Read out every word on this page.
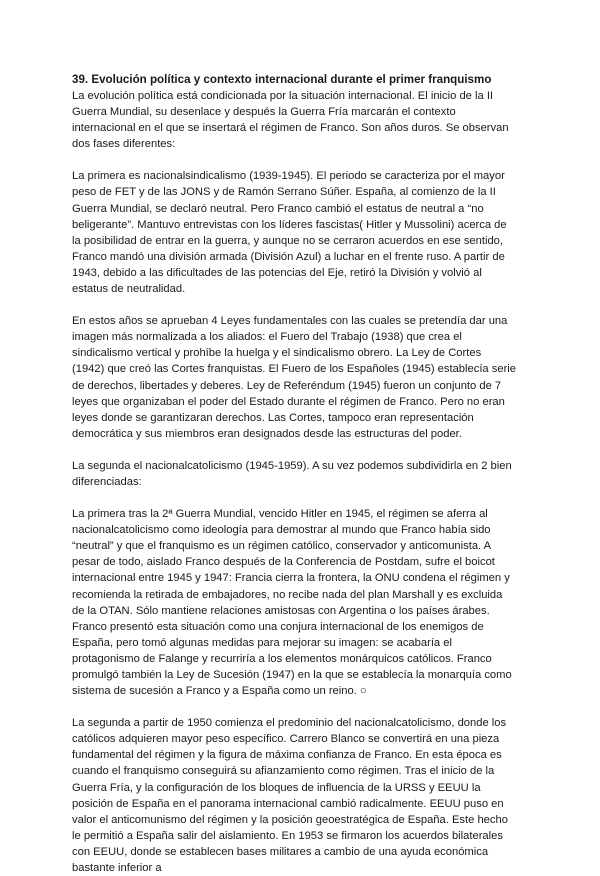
39. Evolución política y contexto internacional durante el primer franquismo

La evolución política está condicionada por la situación internacional. El inicio de la II Guerra Mundial, su desenlace y después la Guerra Fría marcarán el contexto internacional en el que se insertará el régimen de Franco. Son años duros. Se observan dos fases diferentes:

La primera es nacionalsindicalismo (1939-1945). El periodo se caracteriza por el mayor peso de FET y de las JONS y de Ramón Serrano Súñer. España, al comienzo de la II Guerra Mundial, se declaró neutral. Pero Franco cambió el estatus de neutral a “no beligerante”. Mantuvo entrevistas con los líderes fascistas( Hitler y Mussolini) acerca de la posibilidad de entrar en la guerra, y aunque no se cerraron acuerdos en ese sentido, Franco mandó una división armada (División Azul) a luchar en el frente ruso. A partir de 1943, debido a las dificultades de las potencias del Eje, retiró la División y volvió al estatus de neutralidad.

En estos años se aprueban 4 Leyes fundamentales con las cuales se pretendía dar una imagen más normalizada a los aliados: el Fuero del Trabajo (1938) que crea el sindicalismo vertical y prohíbe la huelga y el sindicalismo obrero. La Ley de Cortes (1942) que creó las Cortes franquistas. El Fuero de los Españoles (1945) establecía serie de derechos, libertades y deberes. Ley de Referéndum (1945) fueron un conjunto de 7 leyes que organizaban el poder del Estado durante el régimen de Franco. Pero no eran leyes donde se garantizaran derechos. Las Cortes, tampoco eran representación democrática y sus miembros eran designados desde las estructuras del poder.

La segunda el nacionalcatolicismo (1945-1959). A su vez podemos subdividirla en 2 bien diferenciadas:

La primera tras la 2ª Guerra Mundial, vencido Hitler en 1945, el régimen se aferra al nacionalcatolicismo como ideología para demostrar al mundo que Franco había sido “neutral” y que el franquismo es un régimen católico, conservador y anticomunista. A pesar de todo, aislado Franco después de la Conferencia de Postdam, sufre el boicot internacional entre 1945 y 1947: Francia cierra la frontera, la ONU condena el régimen y recomienda la retirada de embajadores, no recibe nada del plan Marshall y es excluida de la OTAN. Sólo mantiene relaciones amistosas con Argentina o los países árabes. Franco presentó esta situación como una conjura internacional de los enemigos de España, pero tomó algunas medidas para mejorar su imagen: se acabaría el protagonismo de Falange y recurriría a los elementos monárquicos católicos. Franco promulgó también la Ley de Sucesión (1947) en la que se establecía la monarquía como sistema de sucesión a Franco y a España como un reino. ○

La segunda a partir de 1950 comienza el predominio del nacionalcatolicismo, donde los católicos adquieren mayor peso específico. Carrero Blanco se convertirá en una pieza fundamental del régimen y la figura de máxima confianza de Franco. En esta época es cuando el franquismo conseguirá su afianzamiento como régimen. Tras el inicio de la Guerra Fría, y la configuración de los bloques de influencia de la URSS y EEUU la posición de España en el panorama internacional cambió radicalmente. EEUU puso en valor el anticomunismo del régimen y la posición geoestratégica de España. Este hecho le permitió a España salir del aislamiento. En 1953 se firmaron los acuerdos bilaterales con EEUU, donde se establecen bases militares a cambio de una ayuda económica bastante inferior a
